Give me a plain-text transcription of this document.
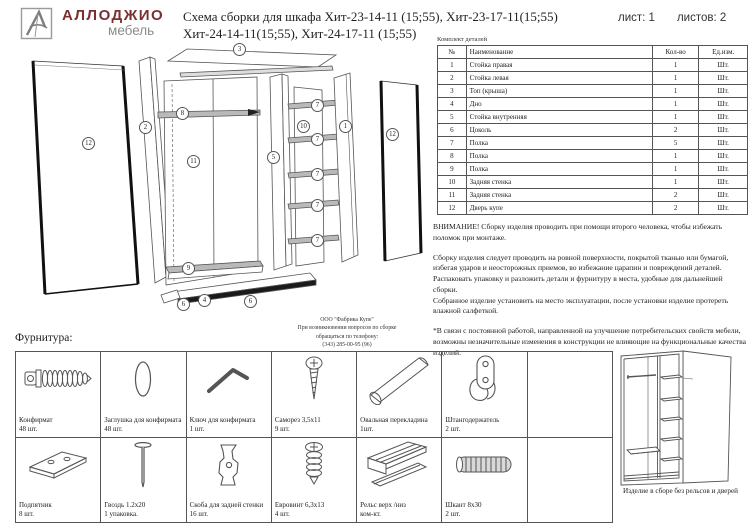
АЛЛОДЖИО
мебель
Схема сборки для шкафа Хит-23-14-11 (15;55), Хит-23-17-11(15;55)
Хит-24-14-11(15;55), Хит-24-17-11 (15;55)
лист: 1 листов: 2
Комплект деталей
№	Наименование	Кол-во	Ед.изм.
1	Стойка правая	1	Шт.
2	Стойка левая	1	Шт.
3	Топ (крыша)	1	Шт.
4	Дно	1	Шт.
5	Стойка внутренняя	1	Шт.
6	Цоколь	2	Шт.
7	Полка	5	Шт.
8	Полка	1	Шт.
9	Полка	1	Шт.
10	Задняя стенка	1	Шт.
11	Задняя стенка	2	Шт.
12	Дверь купе	2	Шт.
3
12
2
8
11
9
5
10
7
7
7
7
7
1
12
4
6	6
ООО "Фабрика Купе"
При возникновении вопросов по сборке
обращаться по телефону:
(343) 285-00-95 (96)
ВНИМАНИЕ! Сборку изделия проводить при помощи второго человека, чтобы избежать поломок при монтаже.
Сборку изделия следует проводить на ровной поверхности, покрытой тканью или бумагой, избегая ударов и неосторожных приемов, во избежание царапин и повреждений деталей.
Распаковать упаковку и разложить детали и фурнитуру в места, удобные для дальнейшей сборки.
Собранное изделие установить на место эксплуатации, после установки изделие протереть влажной салфеткой.
*В связи с постоянной работой, направленной на улучшение потребительских свойств мебели, возможны незначительные изменения в конструкции не влияющие на функциональные качества изделий.
Фурнитура:
Конфирмат
48 шт.
Заглушка для конфирмата
48 шт.
Ключ для конфирмата
1 шт.
Саморез 3,5х11
9 шт.
Овальная перекладина
1шт.
Штангодержатель
2 шт.
Подпятник
8 шт.
Гвоздь 1.2х20
1 упаковка.
Скоба для задней стенки
16 шт.
Евровинт 6,3х13
4 шт.
Рельс верх /низ
ком-кт.
Шкант 8х30
2 шт.
Изделие в сборе без рельсов и дверей
